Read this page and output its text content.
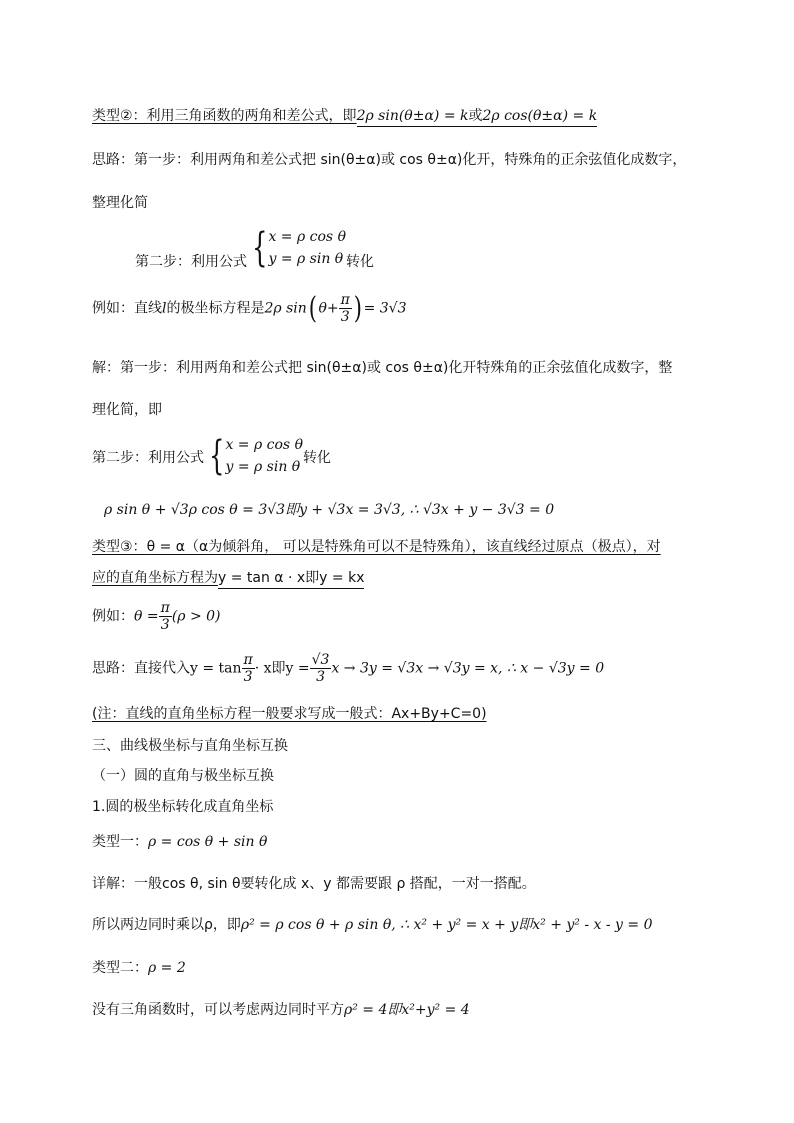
类型②：利用三角函数的两角和差公式，即2ρ sin(θ±α) = k或2ρ cos(θ±α) = k
思路：第一步：利用两角和差公式把 sin(θ±α)或 cos θ±α)化开，特殊角的正余弦值化成数字，
整理化简
第二步：利用公式 { x = ρ cos θ
y = ρ sin θ 转化
例如：直线l的极坐标方程是2ρ sin( $\theta+ \frac{\pi}{3}$ ) = 3√3
解：第一步：利用两角和差公式把 sin(θ±α)或 cos θ±α)化开特殊角的正余弦值化成数字，整
理化简，即
第二步：利用公式 { x = ρ cos θ
y = ρ sin θ
转化
ρ sin θ + √3ρ cos θ = 3√3即y + √3x = 3√3, ∴ √3x + y − 3√3 = 0
类型③：θ = α（α为倾斜角， 可以是特殊角可以不是特殊角），该直线经过原点（极点），对
应的直角坐标方程为y = tan α · x即y = kx
例如：$\theta = \frac{\pi}{3} (\rho > 0)$
思路：直接代入$y = \tan \frac{\pi}{3} \cdot x$即$y = \frac{√3}{3}$ x → 3y = √3x → √3y = x, ∴ x − √3y = 0
(注：直线的直角坐标方程一般要求写成一般式：Ax+By+C=0)
三、曲线极坐标与直角坐标互换
（一）圆的直角与极坐标互换
1.圆的极坐标转化成直角坐标
类型一：ρ = cos θ + sin θ
详解：一般cos θ, sin θ要转化成 x、y 都需要跟 ρ 搭配，一对一搭配。
所以两边同时乘以ρ，即ρ² = ρ cos θ + ρ sin θ, ∴ x² + y² = x + y即x² + y² - x - y = 0
类型二：ρ = 2
没有三角函数时，可以考虑两边同时平方ρ² = 4即x²+y² = 4
